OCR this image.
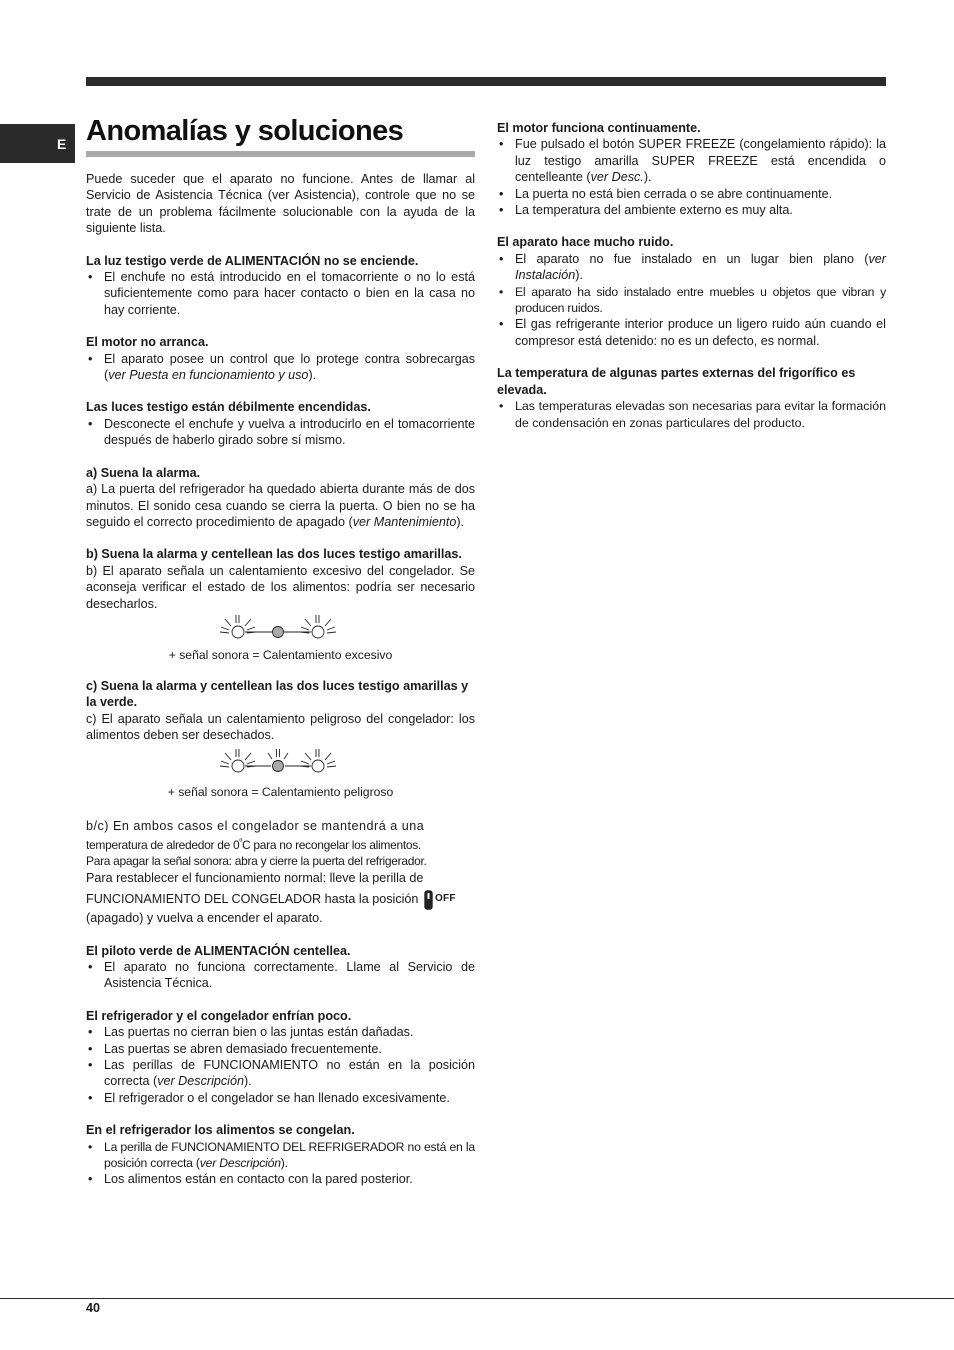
E Anomalías y soluciones

Puede suceder que el aparato no funcione. Antes de llamar al Servicio de Asistencia Técnica (ver Asistencia), controle que no se trate de un problema fácilmente solucionable con la ayuda de la siguiente lista.

La luz testigo verde de ALIMENTACIÓN no se enciende.

• El enchufe no está introducido en el tomacorriente o no lo está suficientemente como para hacer contacto o bien en la casa no hay corriente.

El motor no arranca.

• El aparato posee un control que lo protege contra sobrecargas (ver Puesta en funcionamiento y uso).

Las luces testigo están débilmente encendidas.

• Desconecte el enchufe y vuelva a introducirlo en el tomacorriente después de haberlo girado sobre sí mismo.

a) Suena la alarma.

a) La puerta del refrigerador ha quedado abierta durante más de dos minutos. El sonido cesa cuando se cierra la puerta. O bien no se ha seguido el correcto procedimiento de apagado (ver Mantenimiento).

b) Suena la alarma y centellean las dos luces testigo amarillas.

b) El aparato señala un calentamiento excesivo del congelador. Se aconseja verificar el estado de los alimentos: podría ser necesario desecharlos.

+ señal sonora = Calentamiento excesivo

c) Suena la alarma y centellean las dos luces testigo amarillas y la verde.

c) El aparato señala un calentamiento peligroso del congelador: los alimentos deben ser desechados.

+ señal sonora = Calentamiento peligroso

b/c) En ambos casos el congelador se mantendrá a una

temperatura de alrededor de $0^ºC$ para no recongelar los alimentos.

Para apagar la señal sonora: abra y cierre la puerta del refrigerador.

Para restablecer el funcionamiento normal: lleve la perilla de

FUNCIONAMIENTO DEL CONGELADOR hasta la posición $^{OFF}$

(apagado) y vuelva a encender el aparato.

El piloto verde de ALIMENTACIÓN centellea.

• El aparato no funciona correctamente. Llame al Servicio de Asistencia Técnica.

El refrigerador y el congelador enfrían poco.

• Las puertas no cierran bien o las juntas están dañadas.
• Las puertas se abren demasiado frecuentemente.
• Las perillas de FUNCIONAMIENTO no están en la posición correcta (ver Descripción).
• El refrigerador o el congelador se han llenado excesivamente.

En el refrigerador los alimentos se congelan.

• La perilla de FUNCIONAMIENTO DEL REFRIGERADOR no está en la posición correcta (ver Descripción).
• Los alimentos están en contacto con la pared posterior.

El motor funciona continuamente.

• Fue pulsado el botón SUPER FREEZE (congelamiento rápido): la luz testigo amarilla SUPER FREEZE está encendida o centelleante (ver Desc.).
• La puerta no está bien cerrada o se abre continuamente.
• La temperatura del ambiente externo es muy alta.

El aparato hace mucho ruido.

• El aparato no fue instalado en un lugar bien plano (ver Instalación).
• El aparato ha sido instalado entre muebles u objetos que vibran y producen ruidos.
• El gas refrigerante interior produce un ligero ruido aún cuando el compresor está detenido: no es un defecto, es normal.

La temperatura de algunas partes externas del frigorífico es elevada.

• Las temperaturas elevadas son necesarias para evitar la formación de condensación en zonas particulares del producto.
40
